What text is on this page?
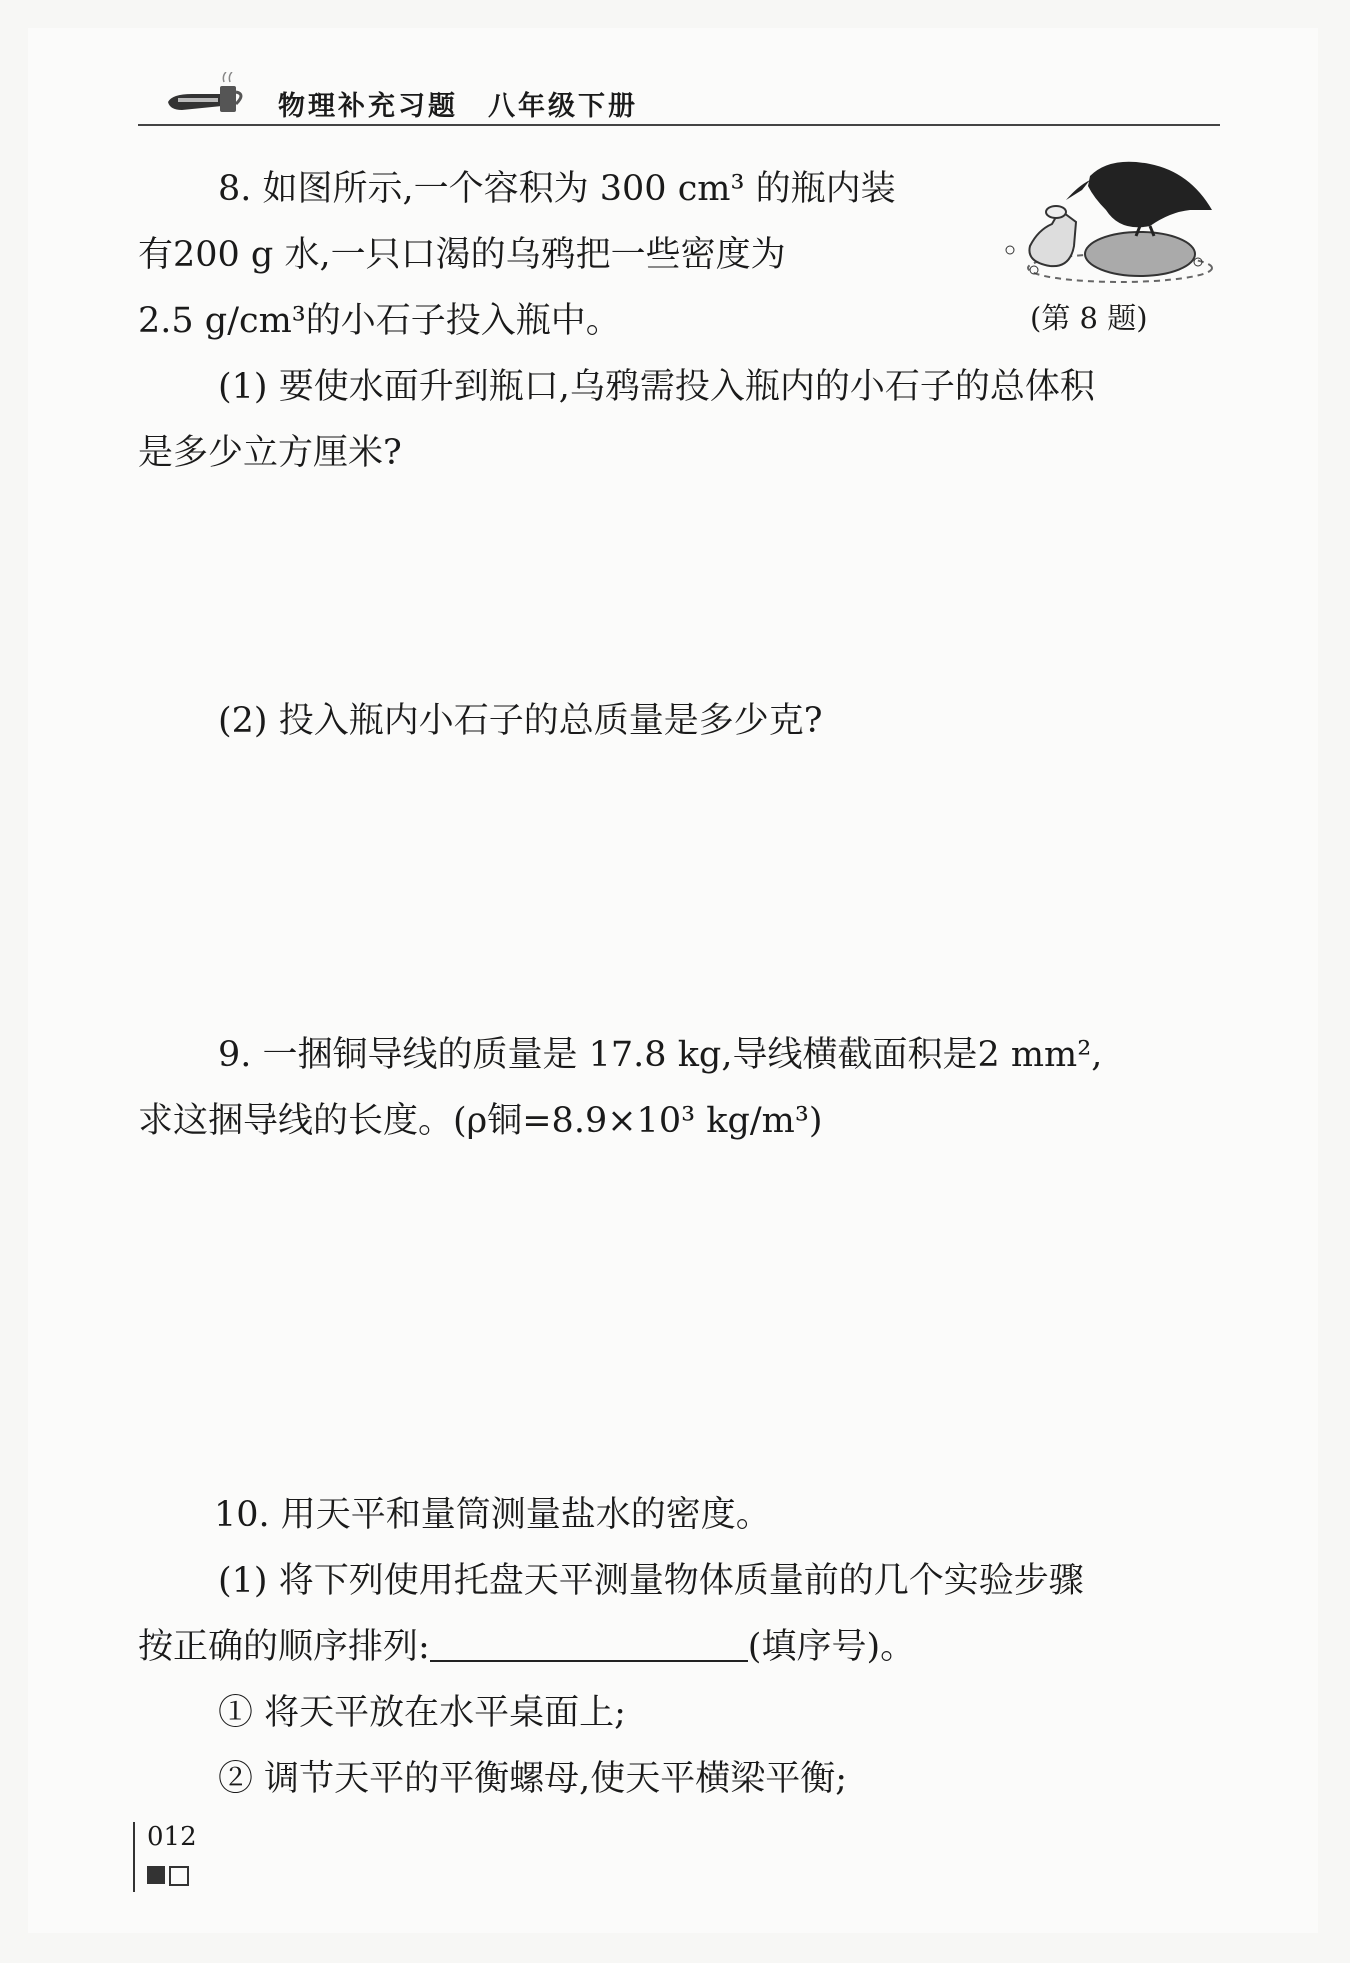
物理补充习题　八年级下册
8. 如图所示,一个容积为 300 cm³ 的瓶内装
有200 g 水,一只口渴的乌鸦把一些密度为
2.5 g/cm³的小石子投入瓶中。	(第 8 题)
(1) 要使水面升到瓶口,乌鸦需投入瓶内的小石子的总体积
是多少立方厘米?
(2) 投入瓶内小石子的总质量是多少克?
9. 一捆铜导线的质量是 17.8 kg,导线横截面积是2 mm²,
求这捆导线的长度。(ρ铜=8.9×10³ kg/m³)
10. 用天平和量筒测量盐水的密度。
(1) 将下列使用托盘天平测量物体质量前的几个实验步骤
按正确的顺序排列:	(填序号)。
① 将天平放在水平桌面上;
② 调节天平的平衡螺母,使天平横梁平衡;
012
